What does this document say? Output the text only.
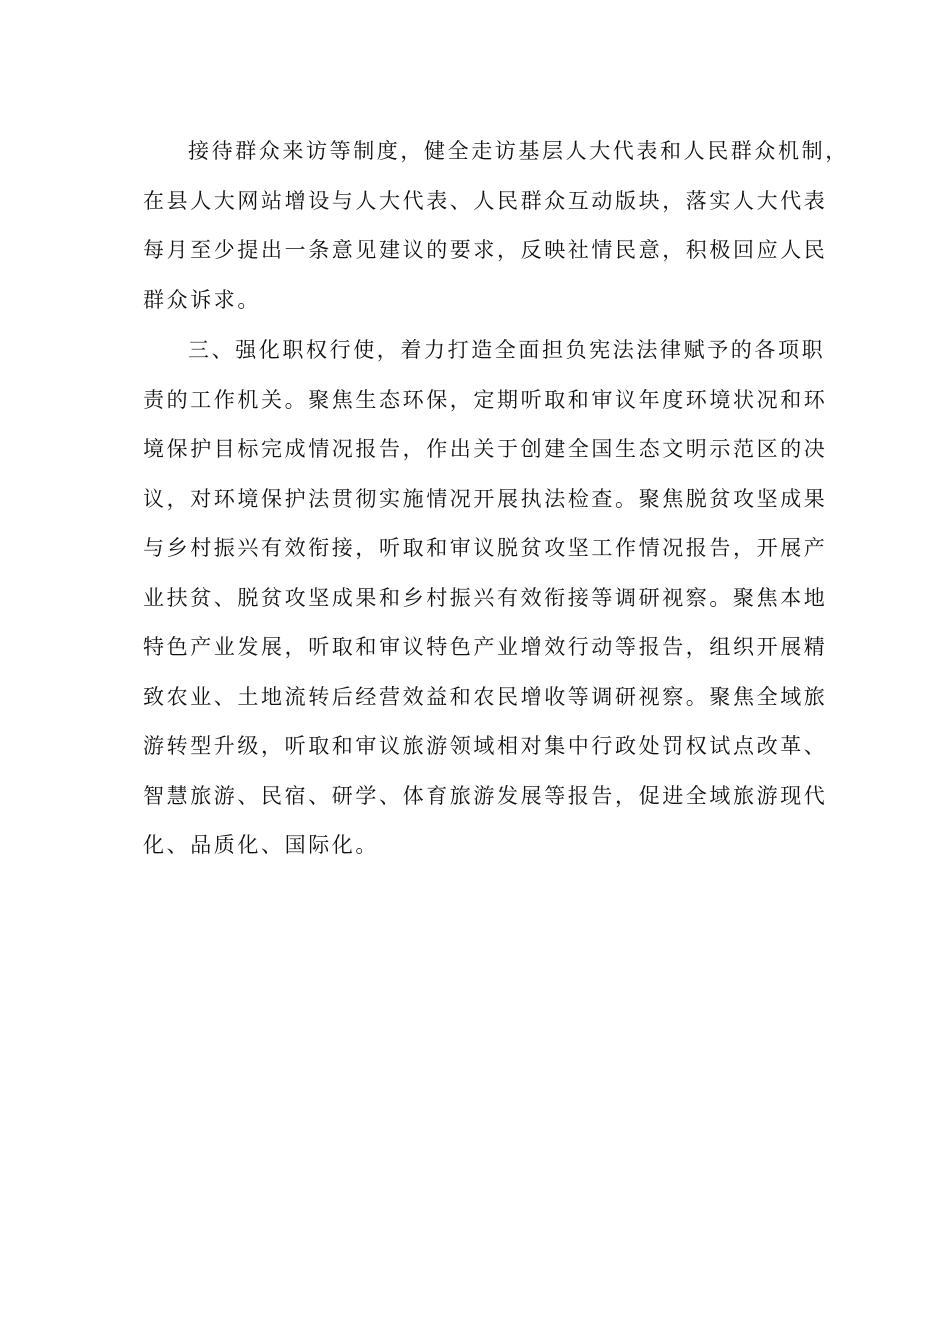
接待群众来访等制度，健全走访基层人大代表和人民群众机制，
在县人大网站增设与人大代表、人民群众互动版块，落实人大代表
每月至少提出一条意见建议的要求，反映社情民意，积极回应人民
群众诉求。
三、强化职权行使，着力打造全面担负宪法法律赋予的各项职
责的工作机关。聚焦生态环保，定期听取和审议年度环境状况和环
境保护目标完成情况报告，作出关于创建全国生态文明示范区的决
议，对环境保护法贯彻实施情况开展执法检查。聚焦脱贫攻坚成果
与乡村振兴有效衔接，听取和审议脱贫攻坚工作情况报告，开展产
业扶贫、脱贫攻坚成果和乡村振兴有效衔接等调研视察。聚焦本地
特色产业发展，听取和审议特色产业增效行动等报告，组织开展精
致农业、土地流转后经营效益和农民增收等调研视察。聚焦全域旅
游转型升级，听取和审议旅游领域相对集中行政处罚权试点改革、
智慧旅游、民宿、研学、体育旅游发展等报告，促进全域旅游现代
化、品质化、国际化。
